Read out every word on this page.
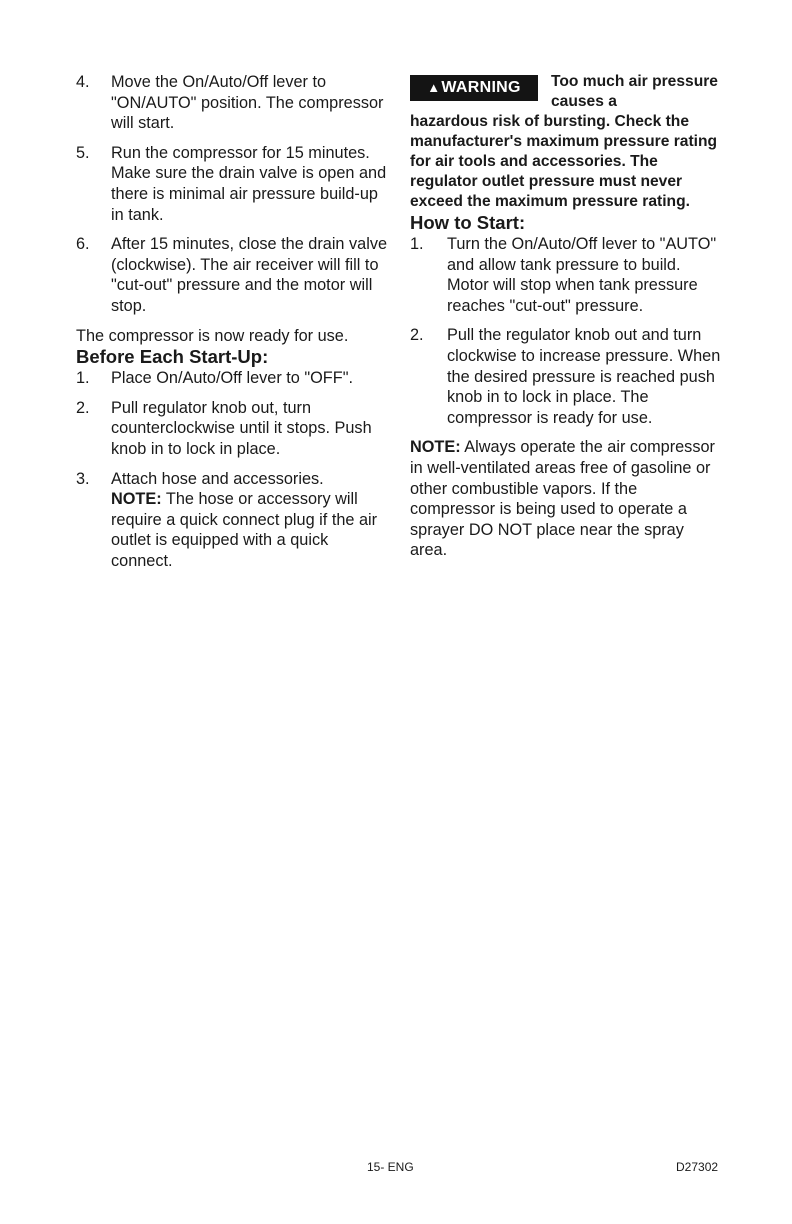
4. Move the On/Auto/Off lever to "ON/AUTO" position. The compressor will start.
5. Run the compressor for 15 minutes. Make sure the drain valve is open and there is minimal air pressure build-up in tank.
6. After 15 minutes, close the drain valve (clockwise). The air receiver will fill to "cut-out" pressure and the motor will stop.

The compressor is now ready for use.

Before Each Start-Up:
1. Place On/Auto/Off lever to "OFF".
2. Pull regulator knob out, turn counterclockwise until it stops. Push knob in to lock in place.
3. Attach hose and accessories.
NOTE: The hose or accessory will require a quick connect plug if the air outlet is equipped with a quick connect.
▲WARNING	Too much air pressure causes a
hazardous risk of bursting. Check the manufacturer's maximum pressure rating for air tools and accessories. The regulator outlet pressure must never exceed the maximum pressure rating.
How to Start:
1. Turn the On/Auto/Off lever to "AUTO" and allow tank pressure to build. Motor will stop when tank pressure reaches "cut-out" pressure.
2. Pull the regulator knob out and turn clockwise to increase pressure. When the desired pressure is reached push knob in to lock in place. The compressor is ready for use.

NOTE: Always operate the air compressor in well-ventilated areas free of gasoline or other combustible vapors. If the compressor is being used to operate a sprayer DO NOT place near the spray area.

15- ENG	D27302
